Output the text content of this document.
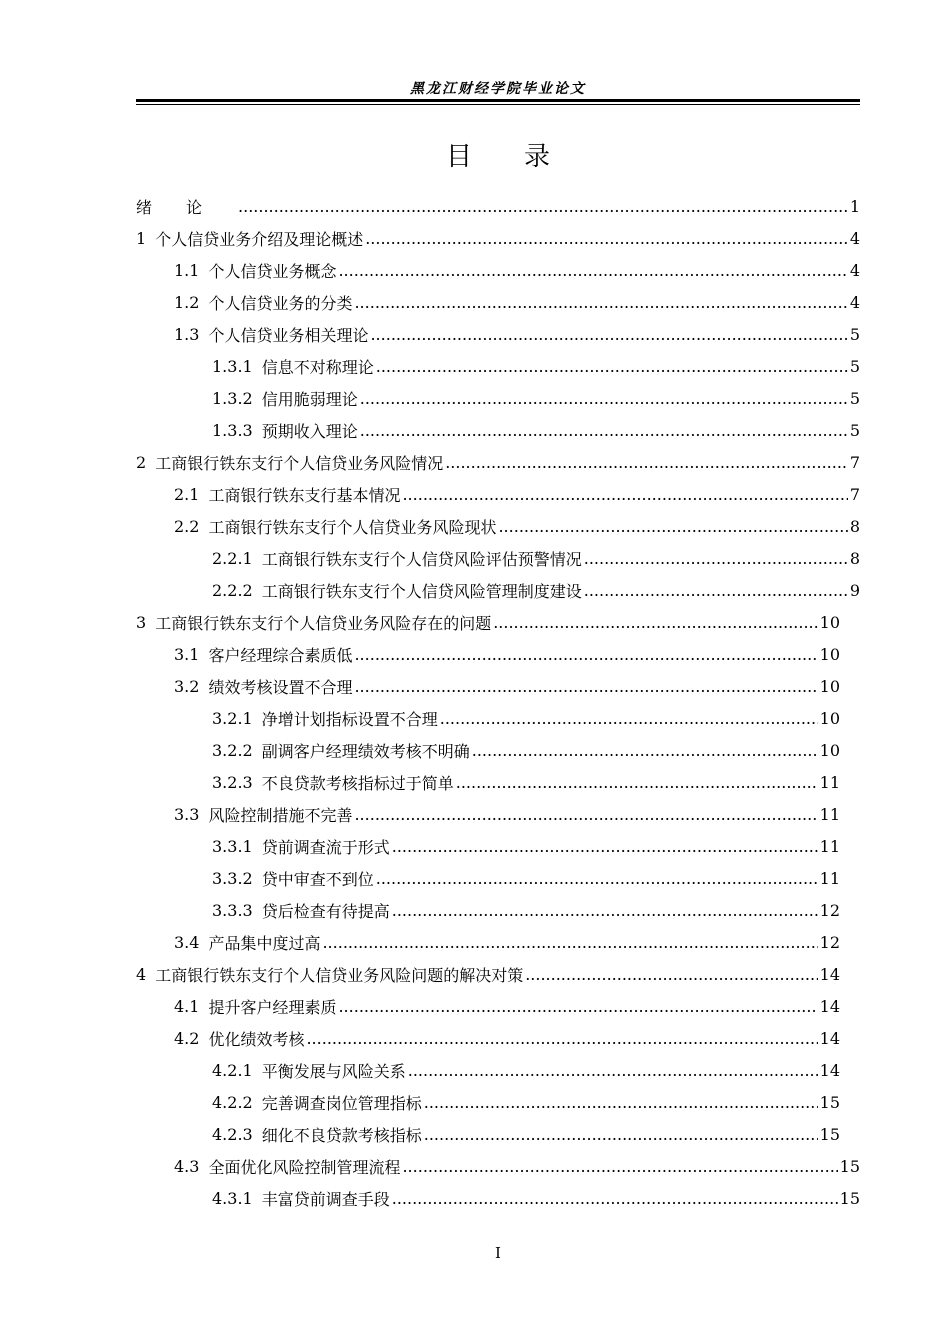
黑龙江财经学院毕业论文
目　　录
绪论 .....	1
1 个人信贷业务介绍及理论概述 .....	4
1.1 个人信贷业务概念 .....	4
1.2 个人信贷业务的分类 .....	4
1.3 个人信贷业务相关理论 .....	5
1.3.1 信息不对称理论 .....	5
1.3.2 信用脆弱理论 .....	5
1.3.3 预期收入理论 .....	5
2 工商银行铁东支行个人信贷业务风险情况 .....	7
2.1 工商银行铁东支行基本情况 .....	7
2.2 工商银行铁东支行个人信贷业务风险现状 .....	8
2.2.1 工商银行铁东支行个人信贷风险评估预警情况 .....	8
2.2.2 工商银行铁东支行个人信贷风险管理制度建设 .....	9
3 工商银行铁东支行个人信贷业务风险存在的问题 .....	10
3.1 客户经理综合素质低 .....	10
3.2 绩效考核设置不合理 .....	10
3.2.1 净增计划指标设置不合理 .....	10
3.2.2 副调客户经理绩效考核不明确 .....	10
3.2.3 不良贷款考核指标过于简单 .....	11
3.3 风险控制措施不完善 .....	11
3.3.1 贷前调查流于形式 .....	11
3.3.2 贷中审查不到位 .....	11
3.3.3 贷后检查有待提高 .....	12
3.4 产品集中度过高 .....	12
4 工商银行铁东支行个人信贷业务风险问题的解决对策 .....	14
4.1 提升客户经理素质 .....	14
4.2 优化绩效考核 .....	14
4.2.1 平衡发展与风险关系 .....	14
4.2.2 完善调查岗位管理指标 .....	15
4.2.3 细化不良贷款考核指标 .....	15
4.3 全面优化风险控制管理流程 .....	15
4.3.1 丰富贷前调查手段 .....	15
I
